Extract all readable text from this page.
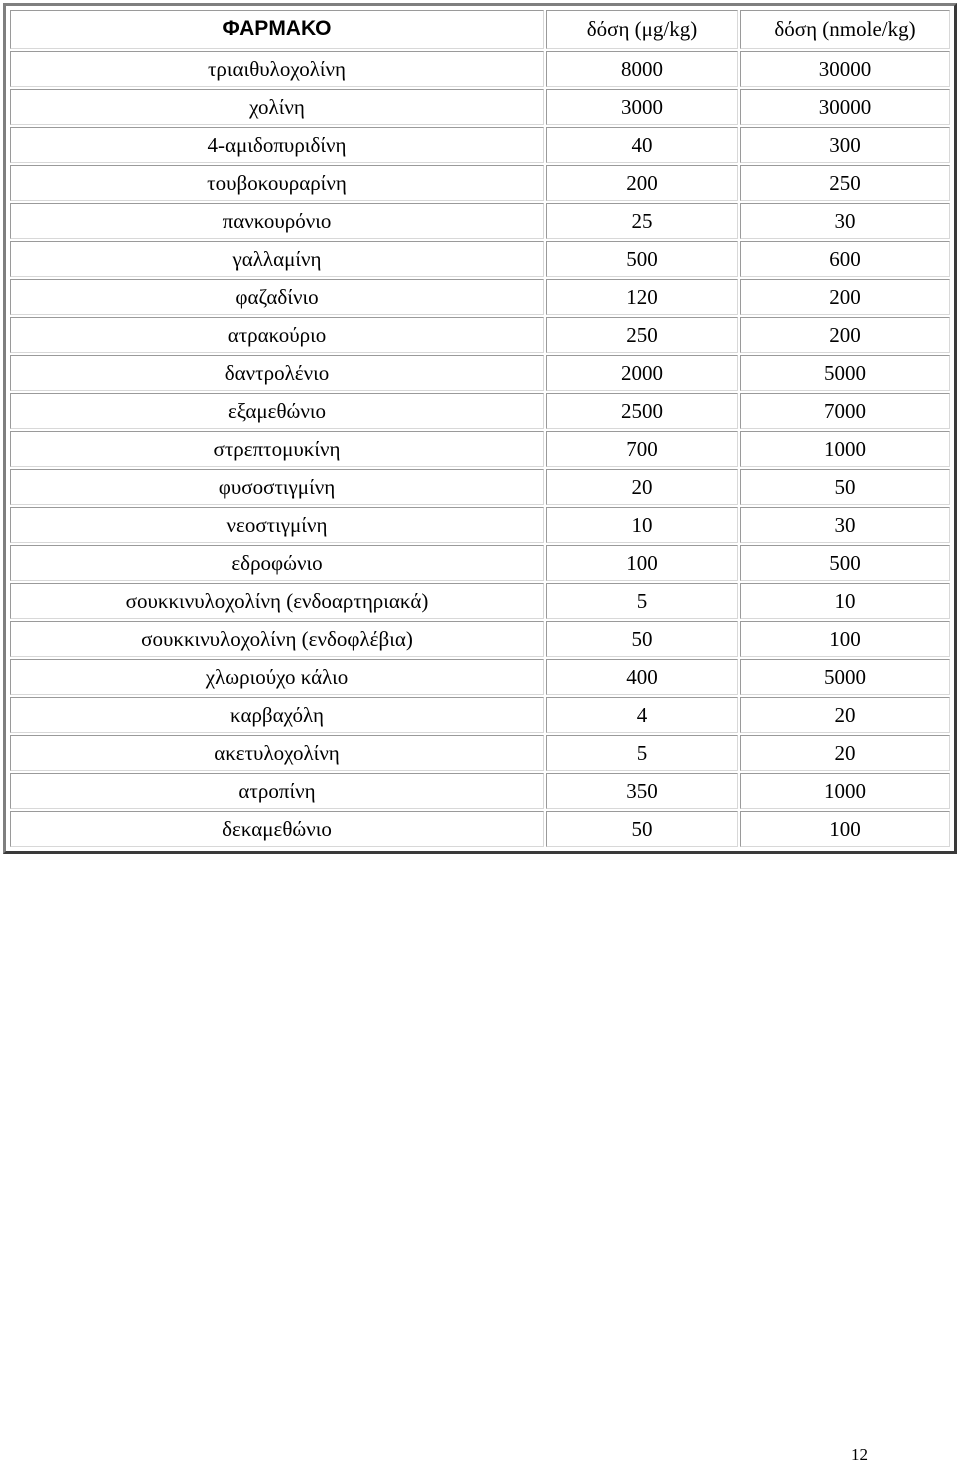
ΦΑΡΜΑΚΟ	δόση (μg/kg)	δόση (nmole/kg)
τριαιθυλοχολίνη	8000	30000
χολίνη	3000	30000
4-αμιδοπυριδίνη	40	300
τουβοκουραρίνη	200	250
πανκουρόνιο	25	30
γαλλαμίνη	500	600
φαζαδίνιο	120	200
ατρακούριο	250	200
δαντρολένιο	2000	5000
εξαμεθώνιο	2500	7000
στρεπτομυκίνη	700	1000
φυσοστιγμίνη	20	50
νεοστιγμίνη	10	30
εδροφώνιο	100	500
σουκκινυλοχολίνη (ενδοαρτηριακά)	5	10
σουκκινυλοχολίνη (ενδοφλέβια)	50	100
χλωριούχο κάλιο	400	5000
καρβαχόλη	4	20
ακετυλοχολίνη	5	20
ατροπίνη	350	1000
δεκαμεθώνιο	50	100
12
